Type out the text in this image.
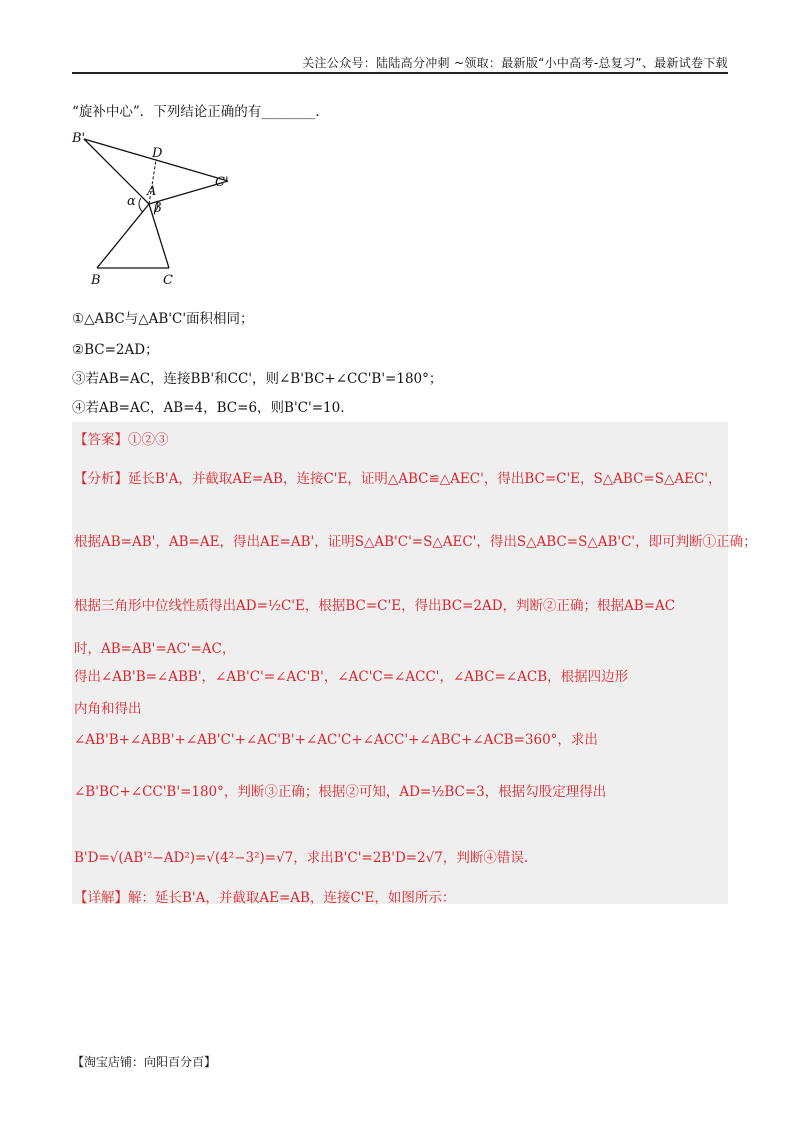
关注公众号：陆陆高分冲刺 ~领取：最新版“小中高考-总复习”、最新试卷下载
“旋补中心”．下列结论正确的有________.
B'
D
C'
A
α β
B	C
①△ABC与△AB'C'面积相同；
②BC=2AD；
③若AB=AC，连接BB'和CC'，则∠B'BC+∠CC'B'=180°；
④若AB=AC，AB=4，BC=6，则B'C'=10.
【答案】①②③
【分析】延长B'A，并截取AE=AB，连接C'E，证明△ABC≌△AEC'，得出BC=C'E，S△ABC=S△AEC'，
根据AB=AB'，AB=AE，得出AE=AB'，证明S△AB'C'=S△AEC'，得出S△ABC=S△AB'C'，即可判断①正确；
根据三角形中位线性质得出AD=½C'E，根据BC=C'E，得出BC=2AD，判断②正确；根据AB=AC
时，AB=AB'=AC'=AC，
得出∠AB'B=∠ABB'，∠AB'C'=∠AC'B'，∠AC'C=∠ACC'，∠ABC=∠ACB，根据四边形
内角和得出
∠AB'B+∠ABB'+∠AB'C'+∠AC'B'+∠AC'C+∠ACC'+∠ABC+∠ACB=360°，求出
∠B'BC+∠CC'B'=180°，判断③正确；根据②可知，AD=½BC=3，根据勾股定理得出
B'D=√(AB'²−AD²)=√(4²−3²)=√7，求出B'C'=2B'D=2√7，判断④错误.
【详解】解：延长B'A，并截取AE=AB，连接C'E，如图所示：
【淘宝店铺：向阳百分百】
